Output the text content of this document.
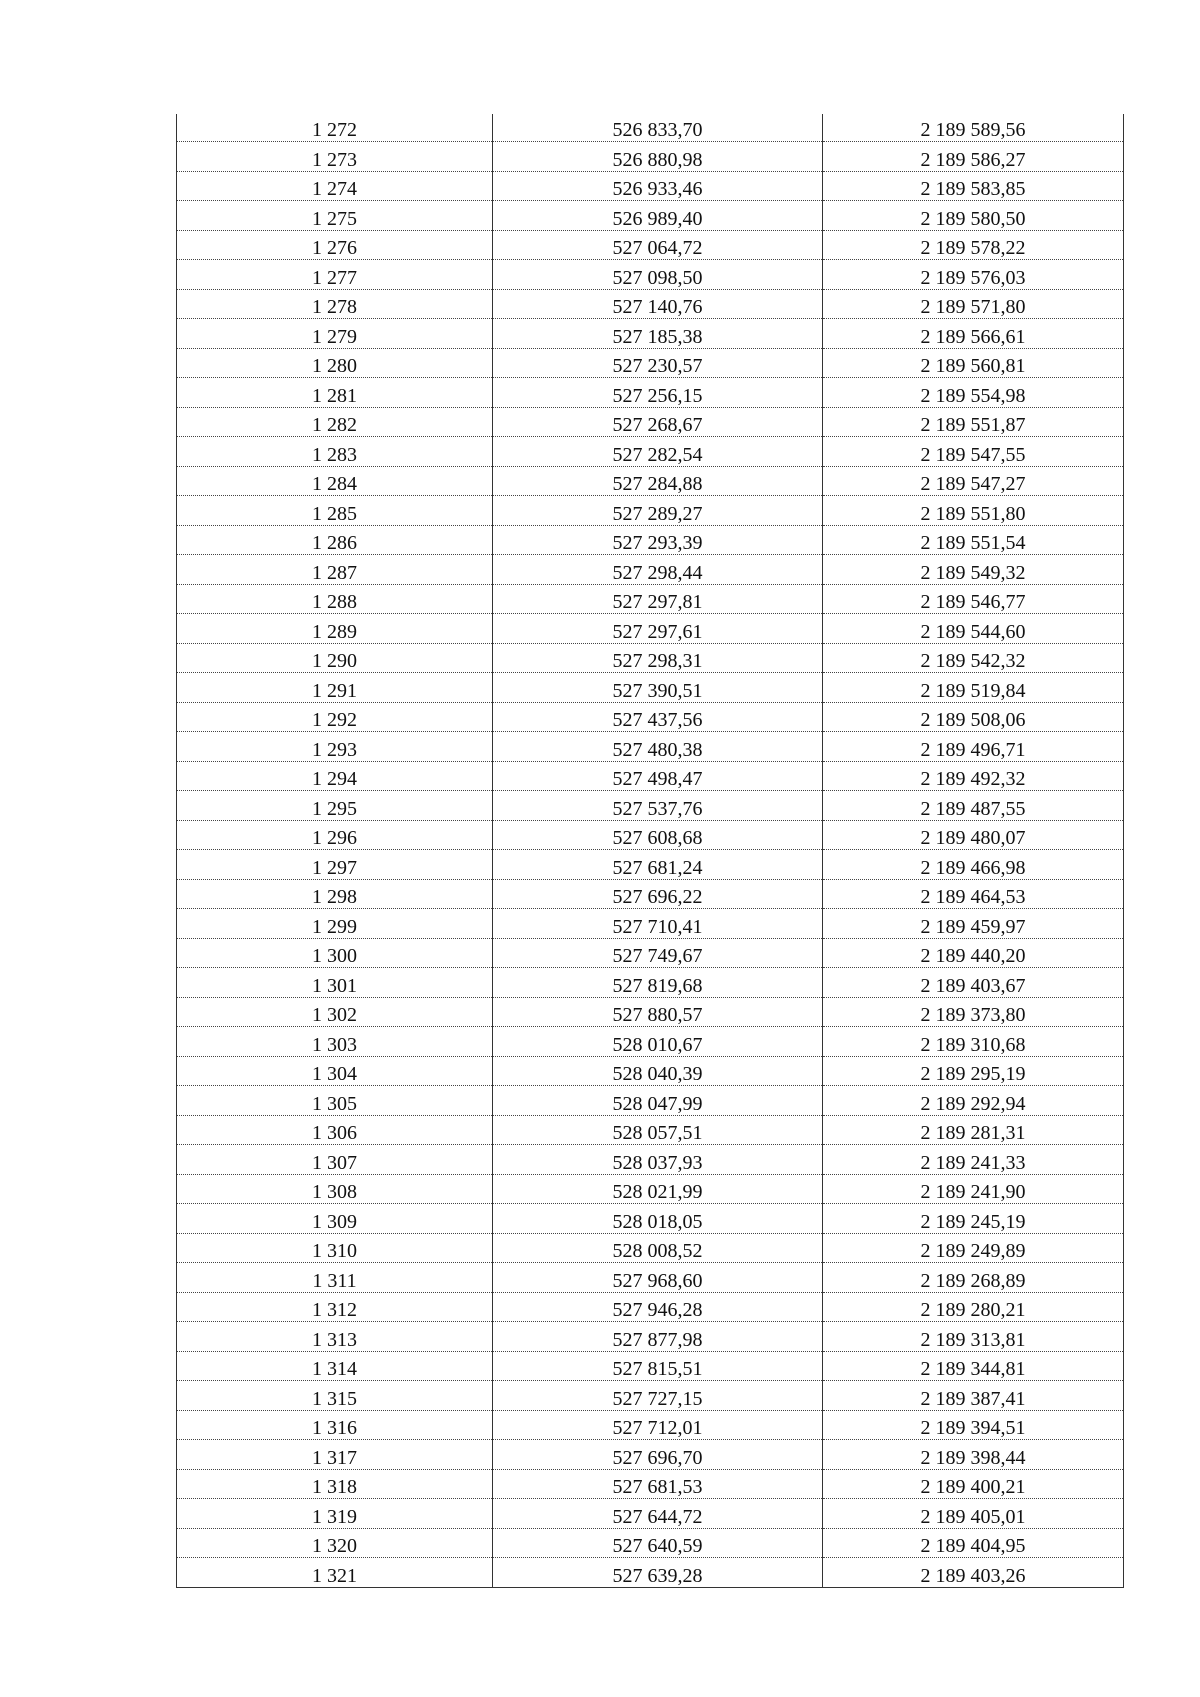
1 272	526 833,70	2 189 589,56
1 273	526 880,98	2 189 586,27
1 274	526 933,46	2 189 583,85
1 275	526 989,40	2 189 580,50
1 276	527 064,72	2 189 578,22
1 277	527 098,50	2 189 576,03
1 278	527 140,76	2 189 571,80
1 279	527 185,38	2 189 566,61
1 280	527 230,57	2 189 560,81
1 281	527 256,15	2 189 554,98
1 282	527 268,67	2 189 551,87
1 283	527 282,54	2 189 547,55
1 284	527 284,88	2 189 547,27
1 285	527 289,27	2 189 551,80
1 286	527 293,39	2 189 551,54
1 287	527 298,44	2 189 549,32
1 288	527 297,81	2 189 546,77
1 289	527 297,61	2 189 544,60
1 290	527 298,31	2 189 542,32
1 291	527 390,51	2 189 519,84
1 292	527 437,56	2 189 508,06
1 293	527 480,38	2 189 496,71
1 294	527 498,47	2 189 492,32
1 295	527 537,76	2 189 487,55
1 296	527 608,68	2 189 480,07
1 297	527 681,24	2 189 466,98
1 298	527 696,22	2 189 464,53
1 299	527 710,41	2 189 459,97
1 300	527 749,67	2 189 440,20
1 301	527 819,68	2 189 403,67
1 302	527 880,57	2 189 373,80
1 303	528 010,67	2 189 310,68
1 304	528 040,39	2 189 295,19
1 305	528 047,99	2 189 292,94
1 306	528 057,51	2 189 281,31
1 307	528 037,93	2 189 241,33
1 308	528 021,99	2 189 241,90
1 309	528 018,05	2 189 245,19
1 310	528 008,52	2 189 249,89
1 311	527 968,60	2 189 268,89
1 312	527 946,28	2 189 280,21
1 313	527 877,98	2 189 313,81
1 314	527 815,51	2 189 344,81
1 315	527 727,15	2 189 387,41
1 316	527 712,01	2 189 394,51
1 317	527 696,70	2 189 398,44
1 318	527 681,53	2 189 400,21
1 319	527 644,72	2 189 405,01
1 320	527 640,59	2 189 404,95
1 321	527 639,28	2 189 403,26
